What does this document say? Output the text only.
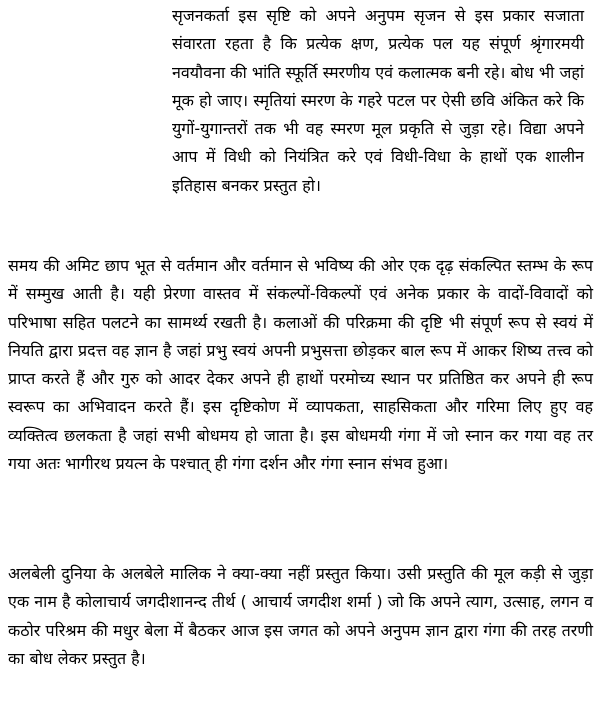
सृजनकर्ता इस सृष्टि को अपने अनुपम सृजन से इस प्रकार सजाता संवारता रहता है कि प्रत्येक क्षण, प्रत्येक पल यह संपूर्ण श्रृंगारमयी नवयौवना की भांति स्फूर्ति स्मरणीय एवं कलात्मक बनी रहे। बोध भी जहां मूक हो जाए। स्मृतियां स्मरण के गहरे पटल पर ऐसी छवि अंकित करे कि युगों-युगान्तरों तक भी वह स्मरण मूल प्रकृति से जुड़ा रहे। विद्या अपने आप में विधी को नियंत्रित करे एवं विधी-विधा के हाथों एक शालीन इतिहास बनकर प्रस्तुत हो।

समय की अमिट छाप भूत से वर्तमान और वर्तमान से भविष्य की ओर एक दृढ़ संकल्पित स्तम्भ के रूप में सम्मुख आती है। यही प्रेरणा वास्तव में संकल्पों-विकल्पों एवं अनेक प्रकार के वादों-विवादों को परिभाषा सहित पलटने का सामर्थ्य रखती है। कलाओं की परिक्रमा की दृष्टि भी संपूर्ण रूप से स्वयं में नियति द्वारा प्रदत्त वह ज्ञान है जहां प्रभु स्वयं अपनी प्रभुसत्ता छोड़कर बाल रूप में आकर शिष्य तत्त्व को प्राप्त करते हैं और गुरु को आदर देकर अपने ही हाथों परमोच्य स्थान पर प्रतिष्ठित कर अपने ही रूप स्वरूप का अभिवादन करते हैं। इस दृष्टिकोण में व्यापकता, साहसिकता और गरिमा लिए हुए वह व्यक्तित्व छलकता है जहां सभी बोधमय हो जाता है। इस बोधमयी गंगा में जो स्नान कर गया वह तर गया अतः भागीरथ प्रयत्न के पश्चात् ही गंगा दर्शन और गंगा स्नान संभव हुआ।

अलबेली दुनिया के अलबेले मालिक ने क्या-क्या नहीं प्रस्तुत किया। उसी प्रस्तुति की मूल कड़ी से जुड़ा एक नाम है कोलाचार्य जगदीशानन्द तीर्थ ( आचार्य जगदीश शर्मा ) जो कि अपने त्याग, उत्साह, लगन व कठोर परिश्रम की मधुर बेला में बैठकर आज इस जगत को अपने अनुपम ज्ञान द्वारा गंगा की तरह तरणी का बोध लेकर प्रस्तुत है।
